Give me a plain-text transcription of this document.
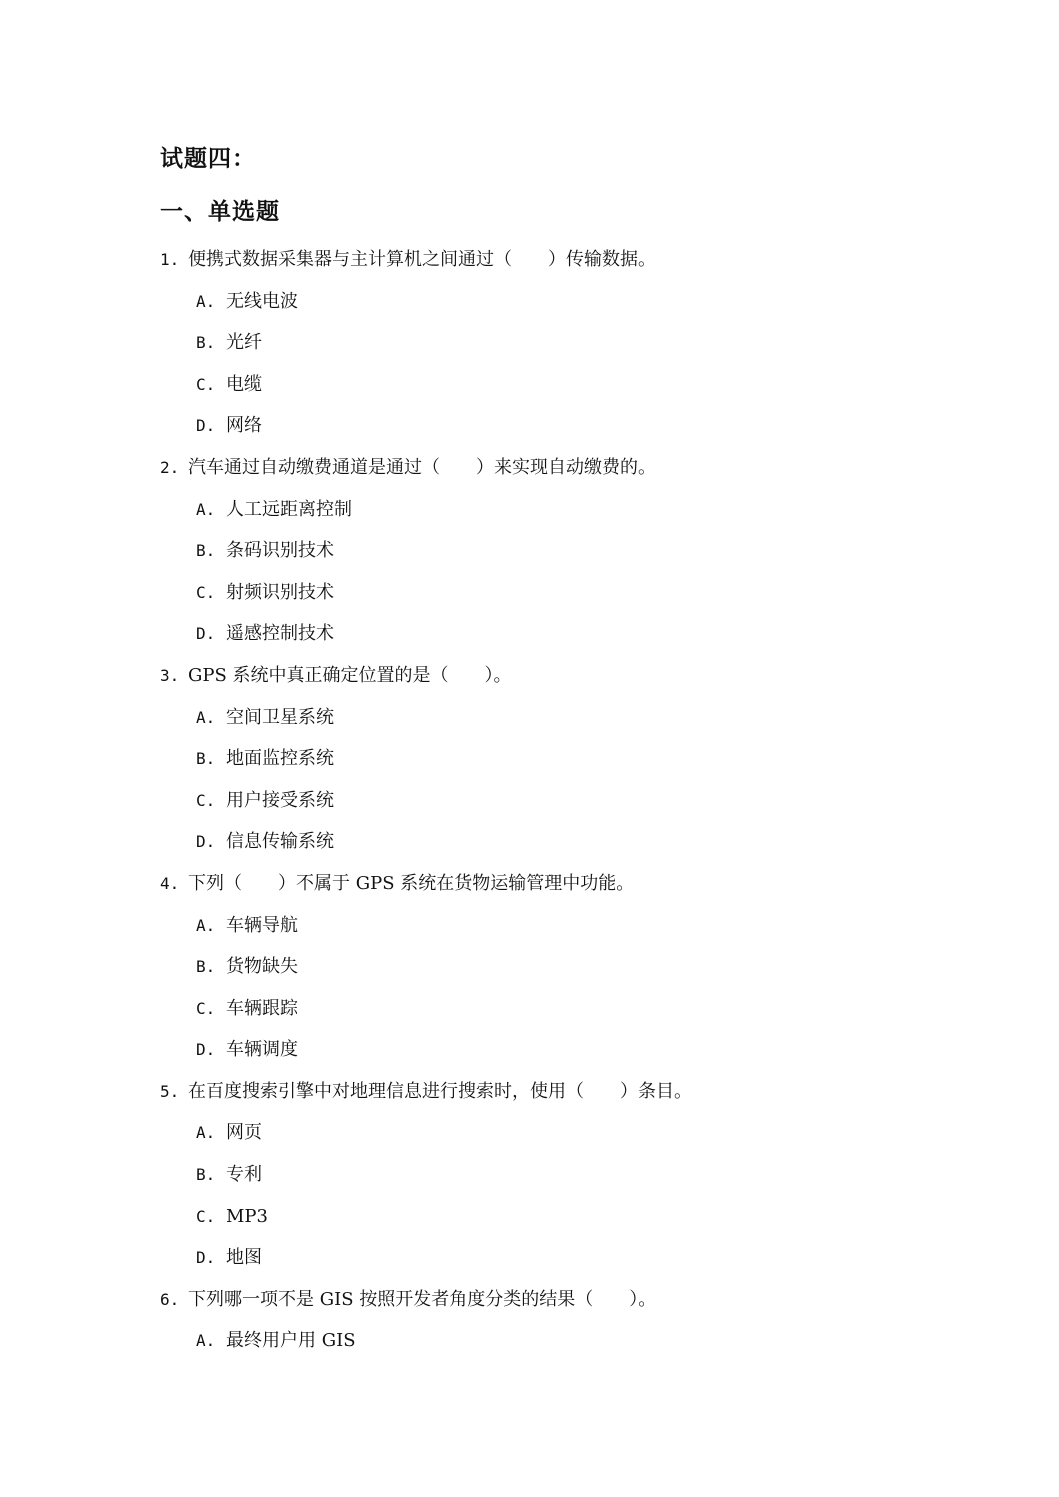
试题四：
一、单选题
1. 便携式数据采集器与主计算机之间通过（　　）传输数据。
A. 无线电波
B. 光纤
C. 电缆
D. 网络
2. 汽车通过自动缴费通道是通过（　　）来实现自动缴费的。
A. 人工远距离控制
B. 条码识别技术
C. 射频识别技术
D. 遥感控制技术
3. GPS 系统中真正确定位置的是（　　）。
A. 空间卫星系统
B. 地面监控系统
C. 用户接受系统
D. 信息传输系统
4. 下列（　　）不属于 GPS 系统在货物运输管理中功能。
A. 车辆导航
B. 货物缺失
C. 车辆跟踪
D. 车辆调度
5. 在百度搜索引擎中对地理信息进行搜索时，使用（　　）条目。
A. 网页
B. 专利
C. MP3
D. 地图
6. 下列哪一项不是 GIS 按照开发者角度分类的结果（　　）。
A. 最终用户用 GIS
